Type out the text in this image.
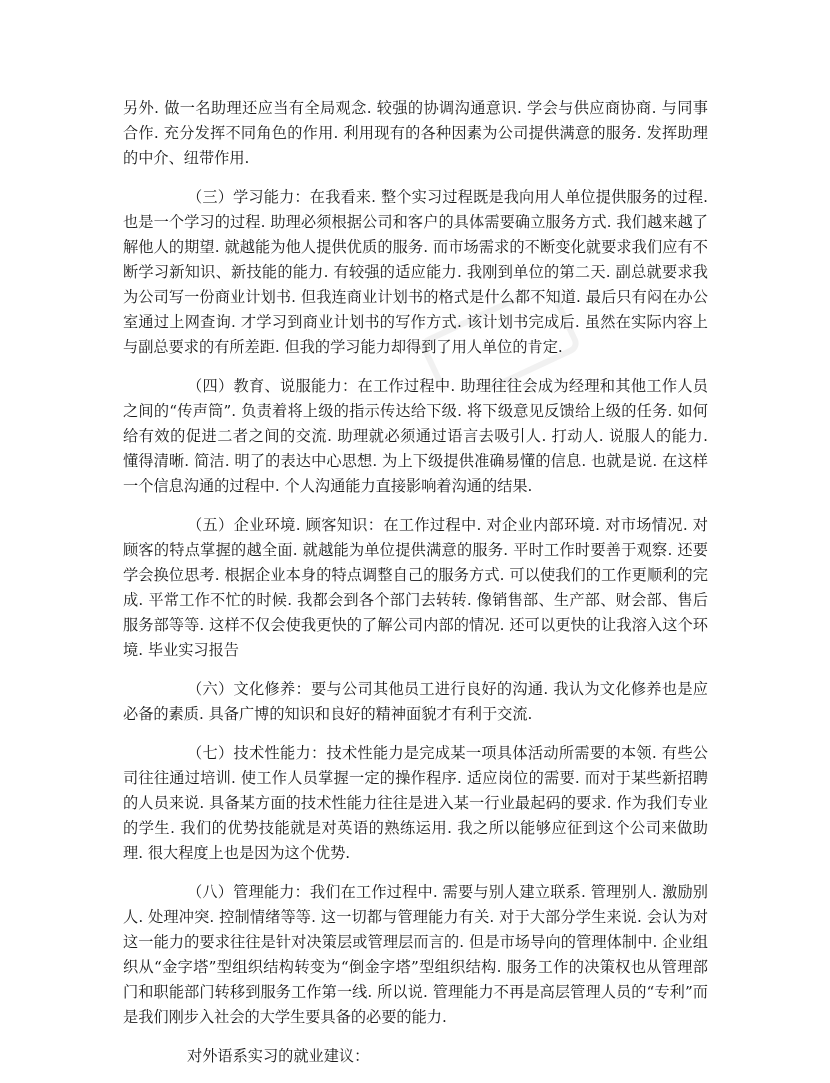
另外. 做一名助理还应当有全局观念. 较强的协调沟通意识. 学会与供应商协商. 与同事合作. 充分发挥不同角色的作用. 利用现有的各种因素为公司提供满意的服务. 发挥助理的中介、纽带作用.

（三）学习能力：在我看来. 整个实习过程既是我向用人单位提供服务的过程. 也是一个学习的过程. 助理必须根据公司和客户的具体需要确立服务方式. 我们越来越了解他人的期望. 就越能为他人提供优质的服务. 而市场需求的不断变化就要求我们应有不断学习新知识、新技能的能力. 有较强的适应能力. 我刚到单位的第二天. 副总就要求我为公司写一份商业计划书. 但我连商业计划书的格式是什么都不知道. 最后只有闷在办公室通过上网查询. 才学习到商业计划书的写作方式. 该计划书完成后. 虽然在实际内容上与副总要求的有所差距. 但我的学习能力却得到了用人单位的肯定.

（四）教育、说服能力：在工作过程中. 助理往往会成为经理和其他工作人员之间的“传声筒”. 负责着将上级的指示传达给下级. 将下级意见反馈给上级的任务. 如何给有效的促进二者之间的交流. 助理就必须通过语言去吸引人. 打动人. 说服人的能力. 懂得清晰. 简洁. 明了的表达中心思想. 为上下级提供准确易懂的信息. 也就是说. 在这样一个信息沟通的过程中. 个人沟通能力直接影响着沟通的结果.

（五）企业环境. 顾客知识：在工作过程中. 对企业内部环境. 对市场情况. 对顾客的特点掌握的越全面. 就越能为单位提供满意的服务. 平时工作时要善于观察. 还要学会换位思考. 根据企业本身的特点调整自己的服务方式. 可以使我们的工作更顺利的完成. 平常工作不忙的时候. 我都会到各个部门去转转. 像销售部、生产部、财会部、售后服务部等等. 这样不仅会使我更快的了解公司内部的情况. 还可以更快的让我溶入这个环境. 毕业实习报告

（六）文化修养：要与公司其他员工进行良好的沟通. 我认为文化修养也是应必备的素质. 具备广博的知识和良好的精神面貌才有利于交流.

（七）技术性能力：技术性能力是完成某一项具体活动所需要的本领. 有些公司往往通过培训. 使工作人员掌握一定的操作程序. 适应岗位的需要. 而对于某些新招聘的人员来说. 具备某方面的技术性能力往往是进入某一行业最起码的要求. 作为我们专业的学生. 我们的优势技能就是对英语的熟练运用. 我之所以能够应征到这个公司来做助理. 很大程度上也是因为这个优势.

（八）管理能力：我们在工作过程中. 需要与别人建立联系. 管理别人. 激励别人. 处理冲突. 控制情绪等等. 这一切都与管理能力有关. 对于大部分学生来说. 会认为对这一能力的要求往往是针对决策层或管理层而言的. 但是市场导向的管理体制中. 企业组织从“金字塔”型组织结构转变为“倒金字塔”型组织结构. 服务工作的决策权也从管理部门和职能部门转移到服务工作第一线. 所以说. 管理能力不再是高层管理人员的“专利”而是我们刚步入社会的大学生要具备的必要的能力.

对外语系实习的就业建议：
